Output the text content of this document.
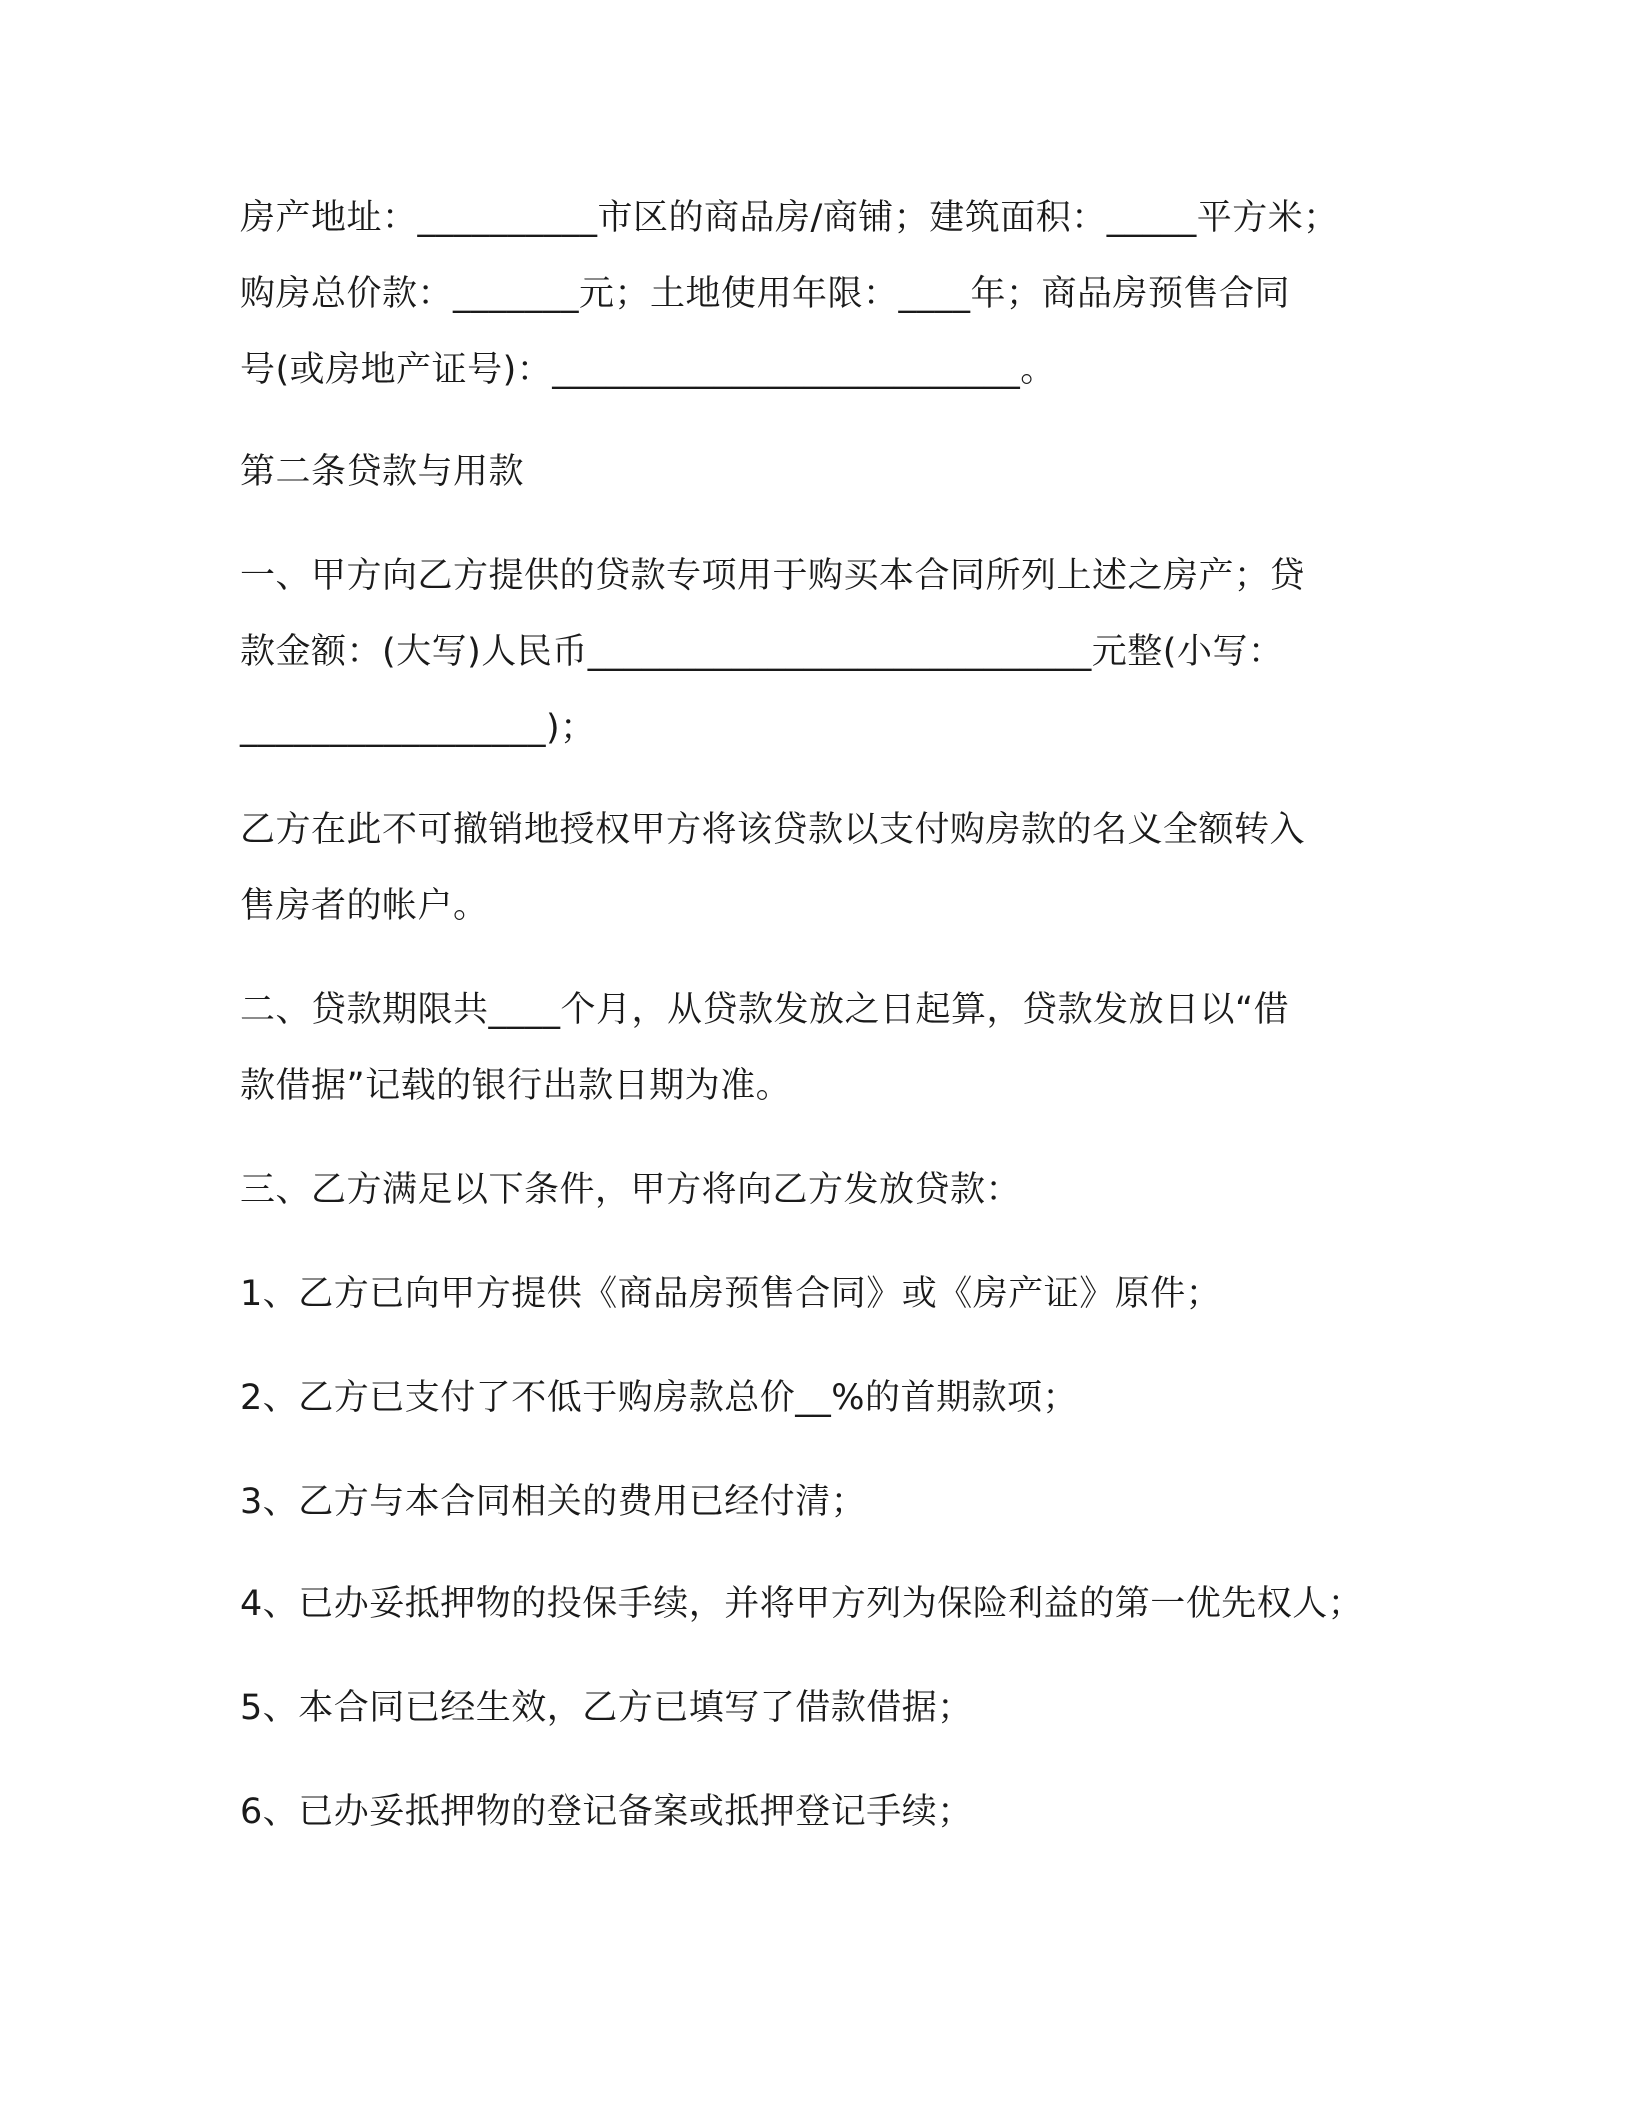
房产地址：__________市区的商品房/商铺；建筑面积：_____平方米；
购房总价款：_______元；土地使用年限：____年；商品房预售合同
号(或房地产证号)：__________________________。
第二条贷款与用款
一、甲方向乙方提供的贷款专项用于购买本合同所列上述之房产；贷
款金额：(大写)人民币____________________________元整(小写：
_________________)；
乙方在此不可撤销地授权甲方将该贷款以支付购房款的名义全额转入
售房者的帐户。
二、贷款期限共____个月，从贷款发放之日起算，贷款发放日以“借
款借据”记载的银行出款日期为准。
三、乙方满足以下条件，甲方将向乙方发放贷款：
1、乙方已向甲方提供《商品房预售合同》或《房产证》原件；
2、乙方已支付了不低于购房款总价__%的首期款项；
3、乙方与本合同相关的费用已经付清；
4、已办妥抵押物的投保手续，并将甲方列为保险利益的第一优先权人；
5、本合同已经生效，乙方已填写了借款借据；
6、已办妥抵押物的登记备案或抵押登记手续；
